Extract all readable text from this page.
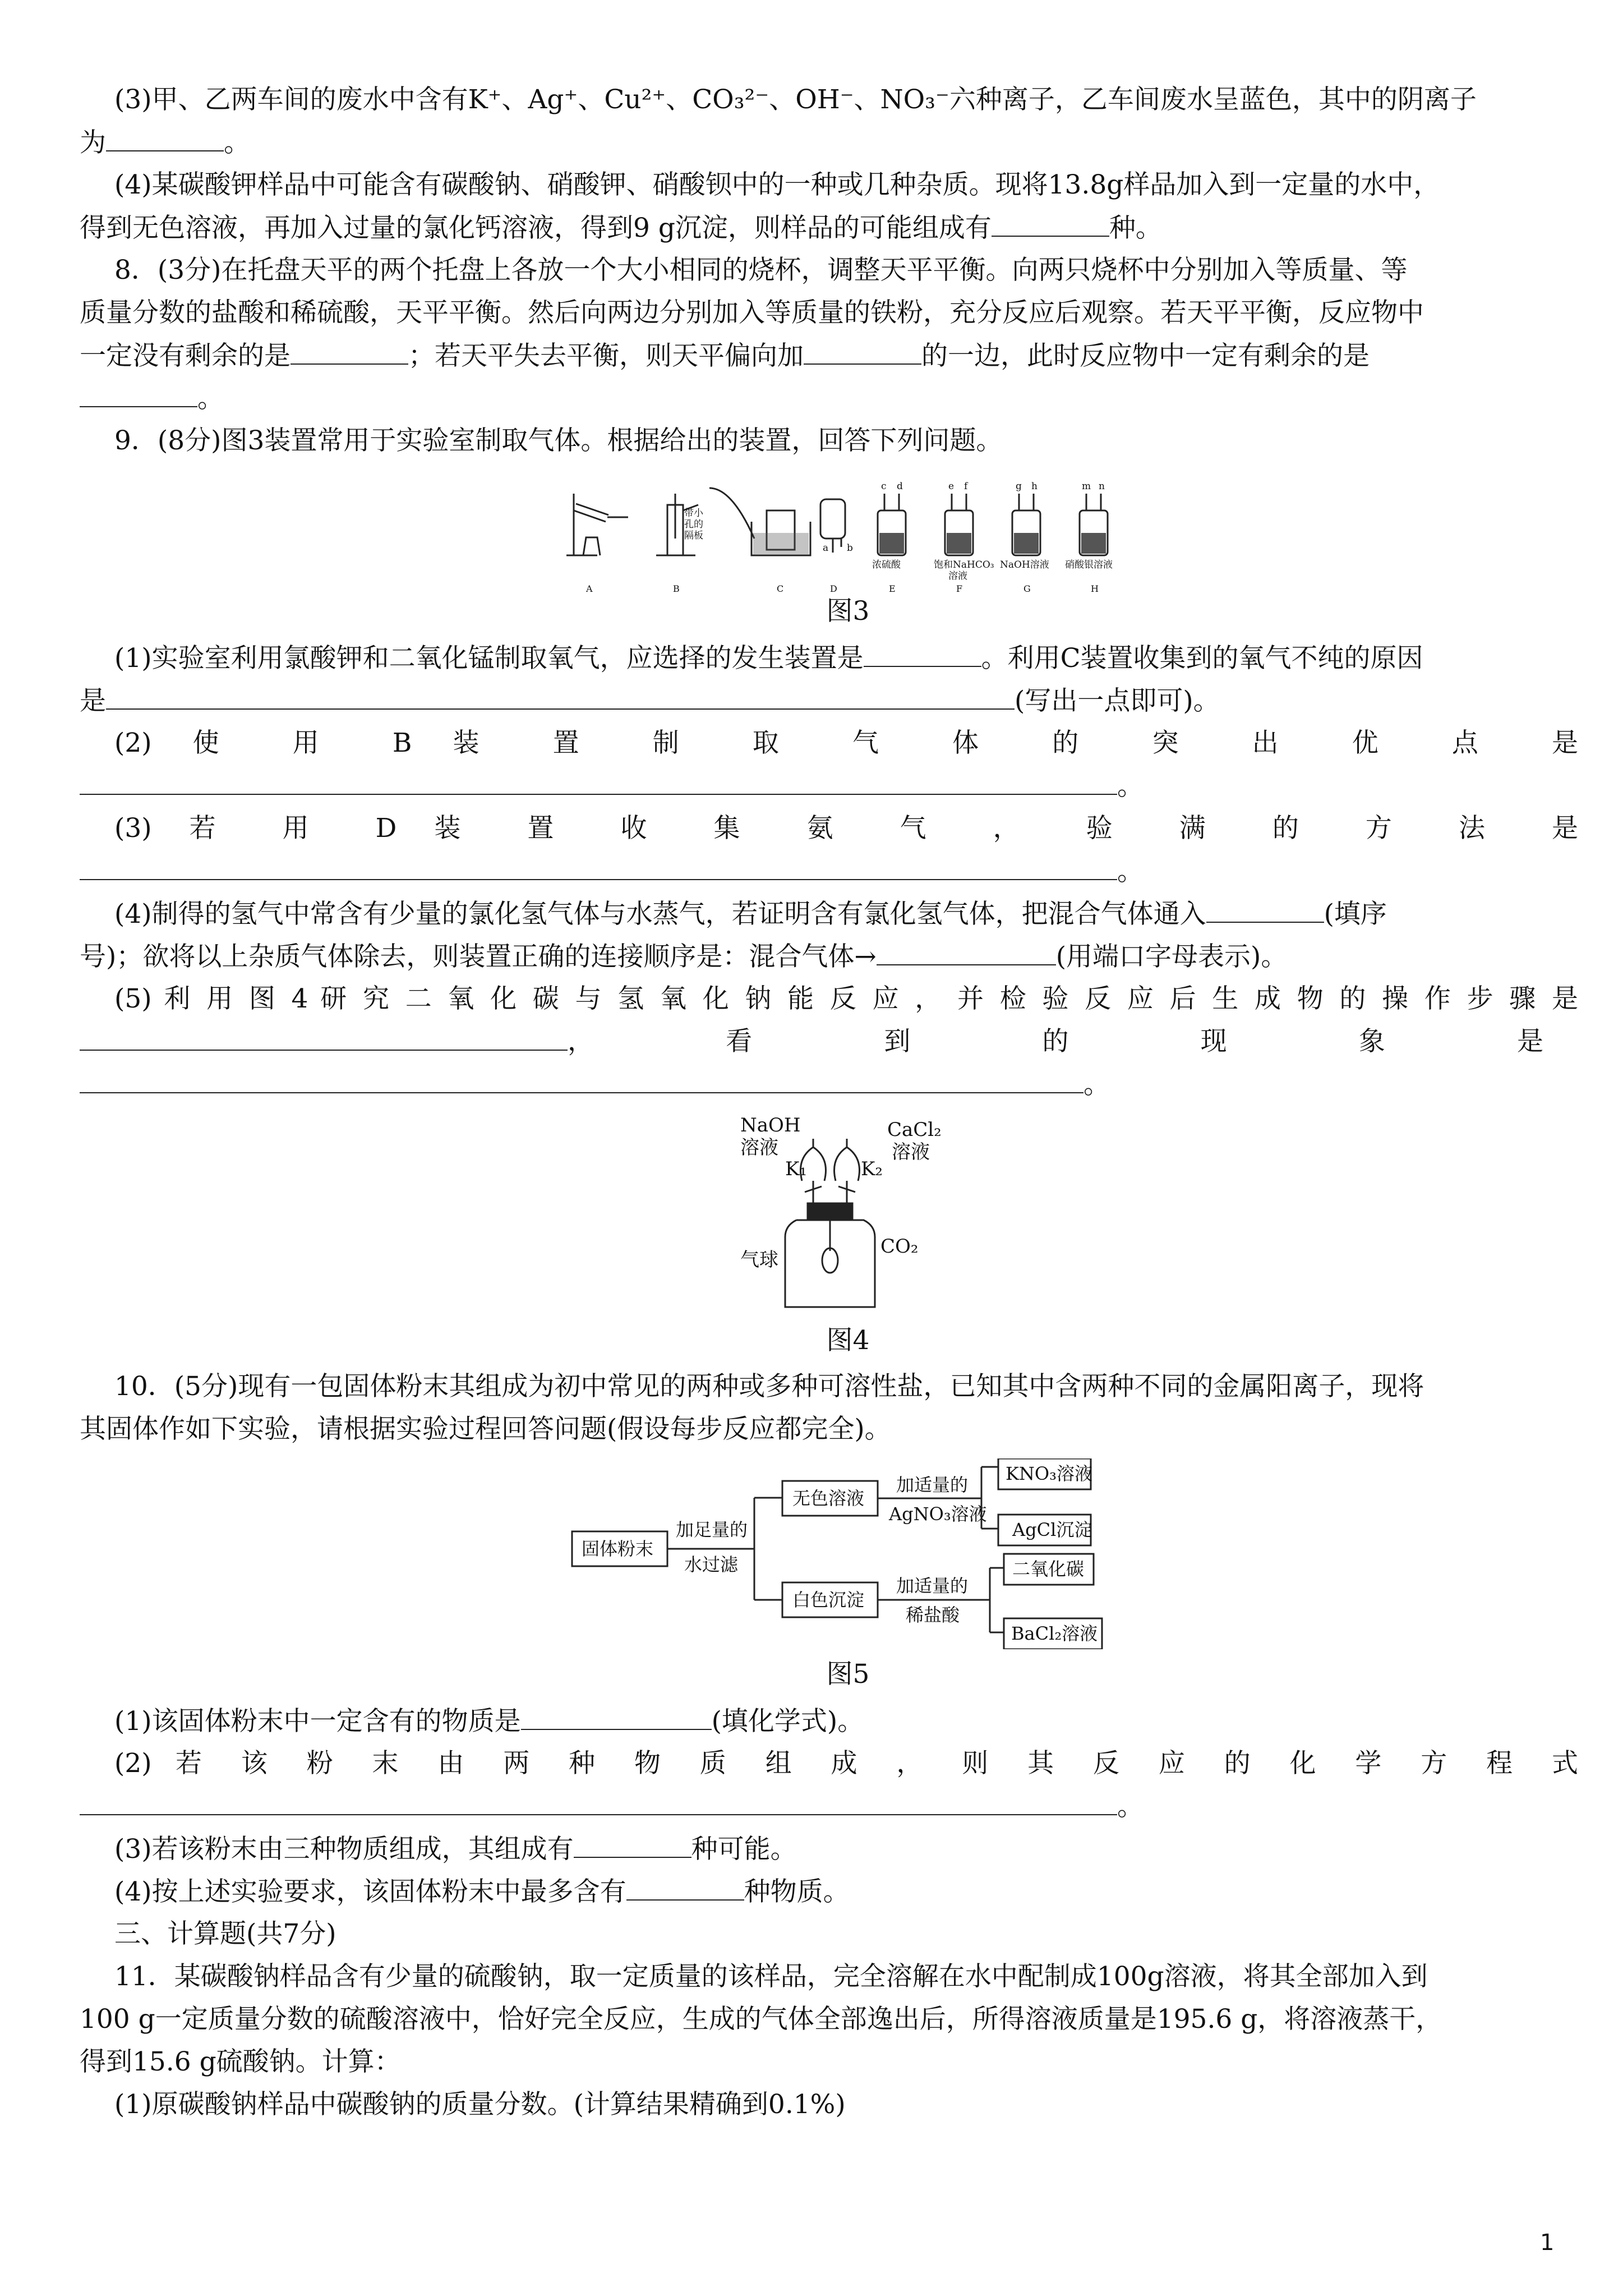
(3)甲、乙两车间的废水中含有K⁺、Ag⁺、Cu²⁺、CO₃²⁻、OH⁻、NO₃⁻六种离子，乙车间废水呈蓝色，其中的阴离子
为	。
(4)某碳酸钾样品中可能含有碳酸钠、硝酸钾、硝酸钡中的一种或几种杂质。现将13.8g样品加入到一定量的水中，
得到无色溶液，再加入过量的氯化钙溶液，得到9 g沉淀，则样品的可能组成有	种。
8．(3分)在托盘天平的两个托盘上各放一个大小相同的烧杯，调整天平平衡。向两只烧杯中分别加入等质量、等
质量分数的盐酸和稀硫酸，天平平衡。然后向两边分别加入等质量的铁粉，充分反应后观察。若天平平衡，反应物中
一定没有剩余的是	；若天平失去平衡，则天平偏向加	的一边，此时反应物中一定有剩余的是
。
9．(8分)图3装置常用于实验室制取气体。根据给出的装置，回答下列问题。
带小
孔的
隔板
c d	e f	g h	m n
a b
浓硫酸	饱和NaHCO₃
溶液
NaOH溶液 硝酸银溶液
A	B	C	D	E	F	G	H
图3
(1)实验室利用氯酸钾和二氧化锰制取氧气，应选择的发生装置是	。利用C装置收集到的氧气不纯的原因
是	(写出一点即可)。
(2) 使 用 B 装 置 制 取 气 体 的 突 出 优 点 是
。
(3) 若 用 D 装 置 收 集 氨 气 ， 验 满 的 方 法 是
。
(4)制得的氢气中常含有少量的氯化氢气体与水蒸气，若证明含有氯化氢气体，把混合气体通入	(填序
号)；欲将以上杂质气体除去，则装置正确的连接顺序是：混合气体→	(用端口字母表示)。
(5) 利 用 图 4 研 究 二 氧 化 碳 与 氢 氧 化 钠 能 反 应 ， 并 检 验 反 应 后 生 成 物 的 操 作 步 骤 是
， 看 到 的 现 象 是
。
NaOH
溶液
CaCl₂
溶液
K₁	K₂
气球
CO₂
图4
10．(5分)现有一包固体粉末其组成为初中常见的两种或多种可溶性盐，已知其中含两种不同的金属阳离子，现将
其固体作如下实验，请根据实验过程回答问题(假设每步反应都完全)。
固体粉末
加足量的
水过滤
无色溶液
白色沉淀
加适量的
AgNO₃溶液
KNO₃溶液
AgCl沉淀
加适量的
稀盐酸
二氧化碳
BaCl₂溶液
图5
(1)该固体粉末中一定含有的物质是	(填化学式)。
(2) 若 该 粉 末 由 两 种 物 质 组 成 ， 则 其 反 应 的 化 学 方 程 式
。
(3)若该粉末由三种物质组成，其组成有	种可能。
(4)按上述实验要求，该固体粉末中最多含有	种物质。
三、计算题(共7分)
11．某碳酸钠样品含有少量的硫酸钠，取一定质量的该样品，完全溶解在水中配制成100g溶液，将其全部加入到
100 g一定质量分数的硫酸溶液中，恰好完全反应，生成的气体全部逸出后，所得溶液质量是195.6 g，将溶液蒸干，
得到15.6 g硫酸钠。计算：
(1)原碳酸钠样品中碳酸钠的质量分数。(计算结果精确到0.1%)
1
